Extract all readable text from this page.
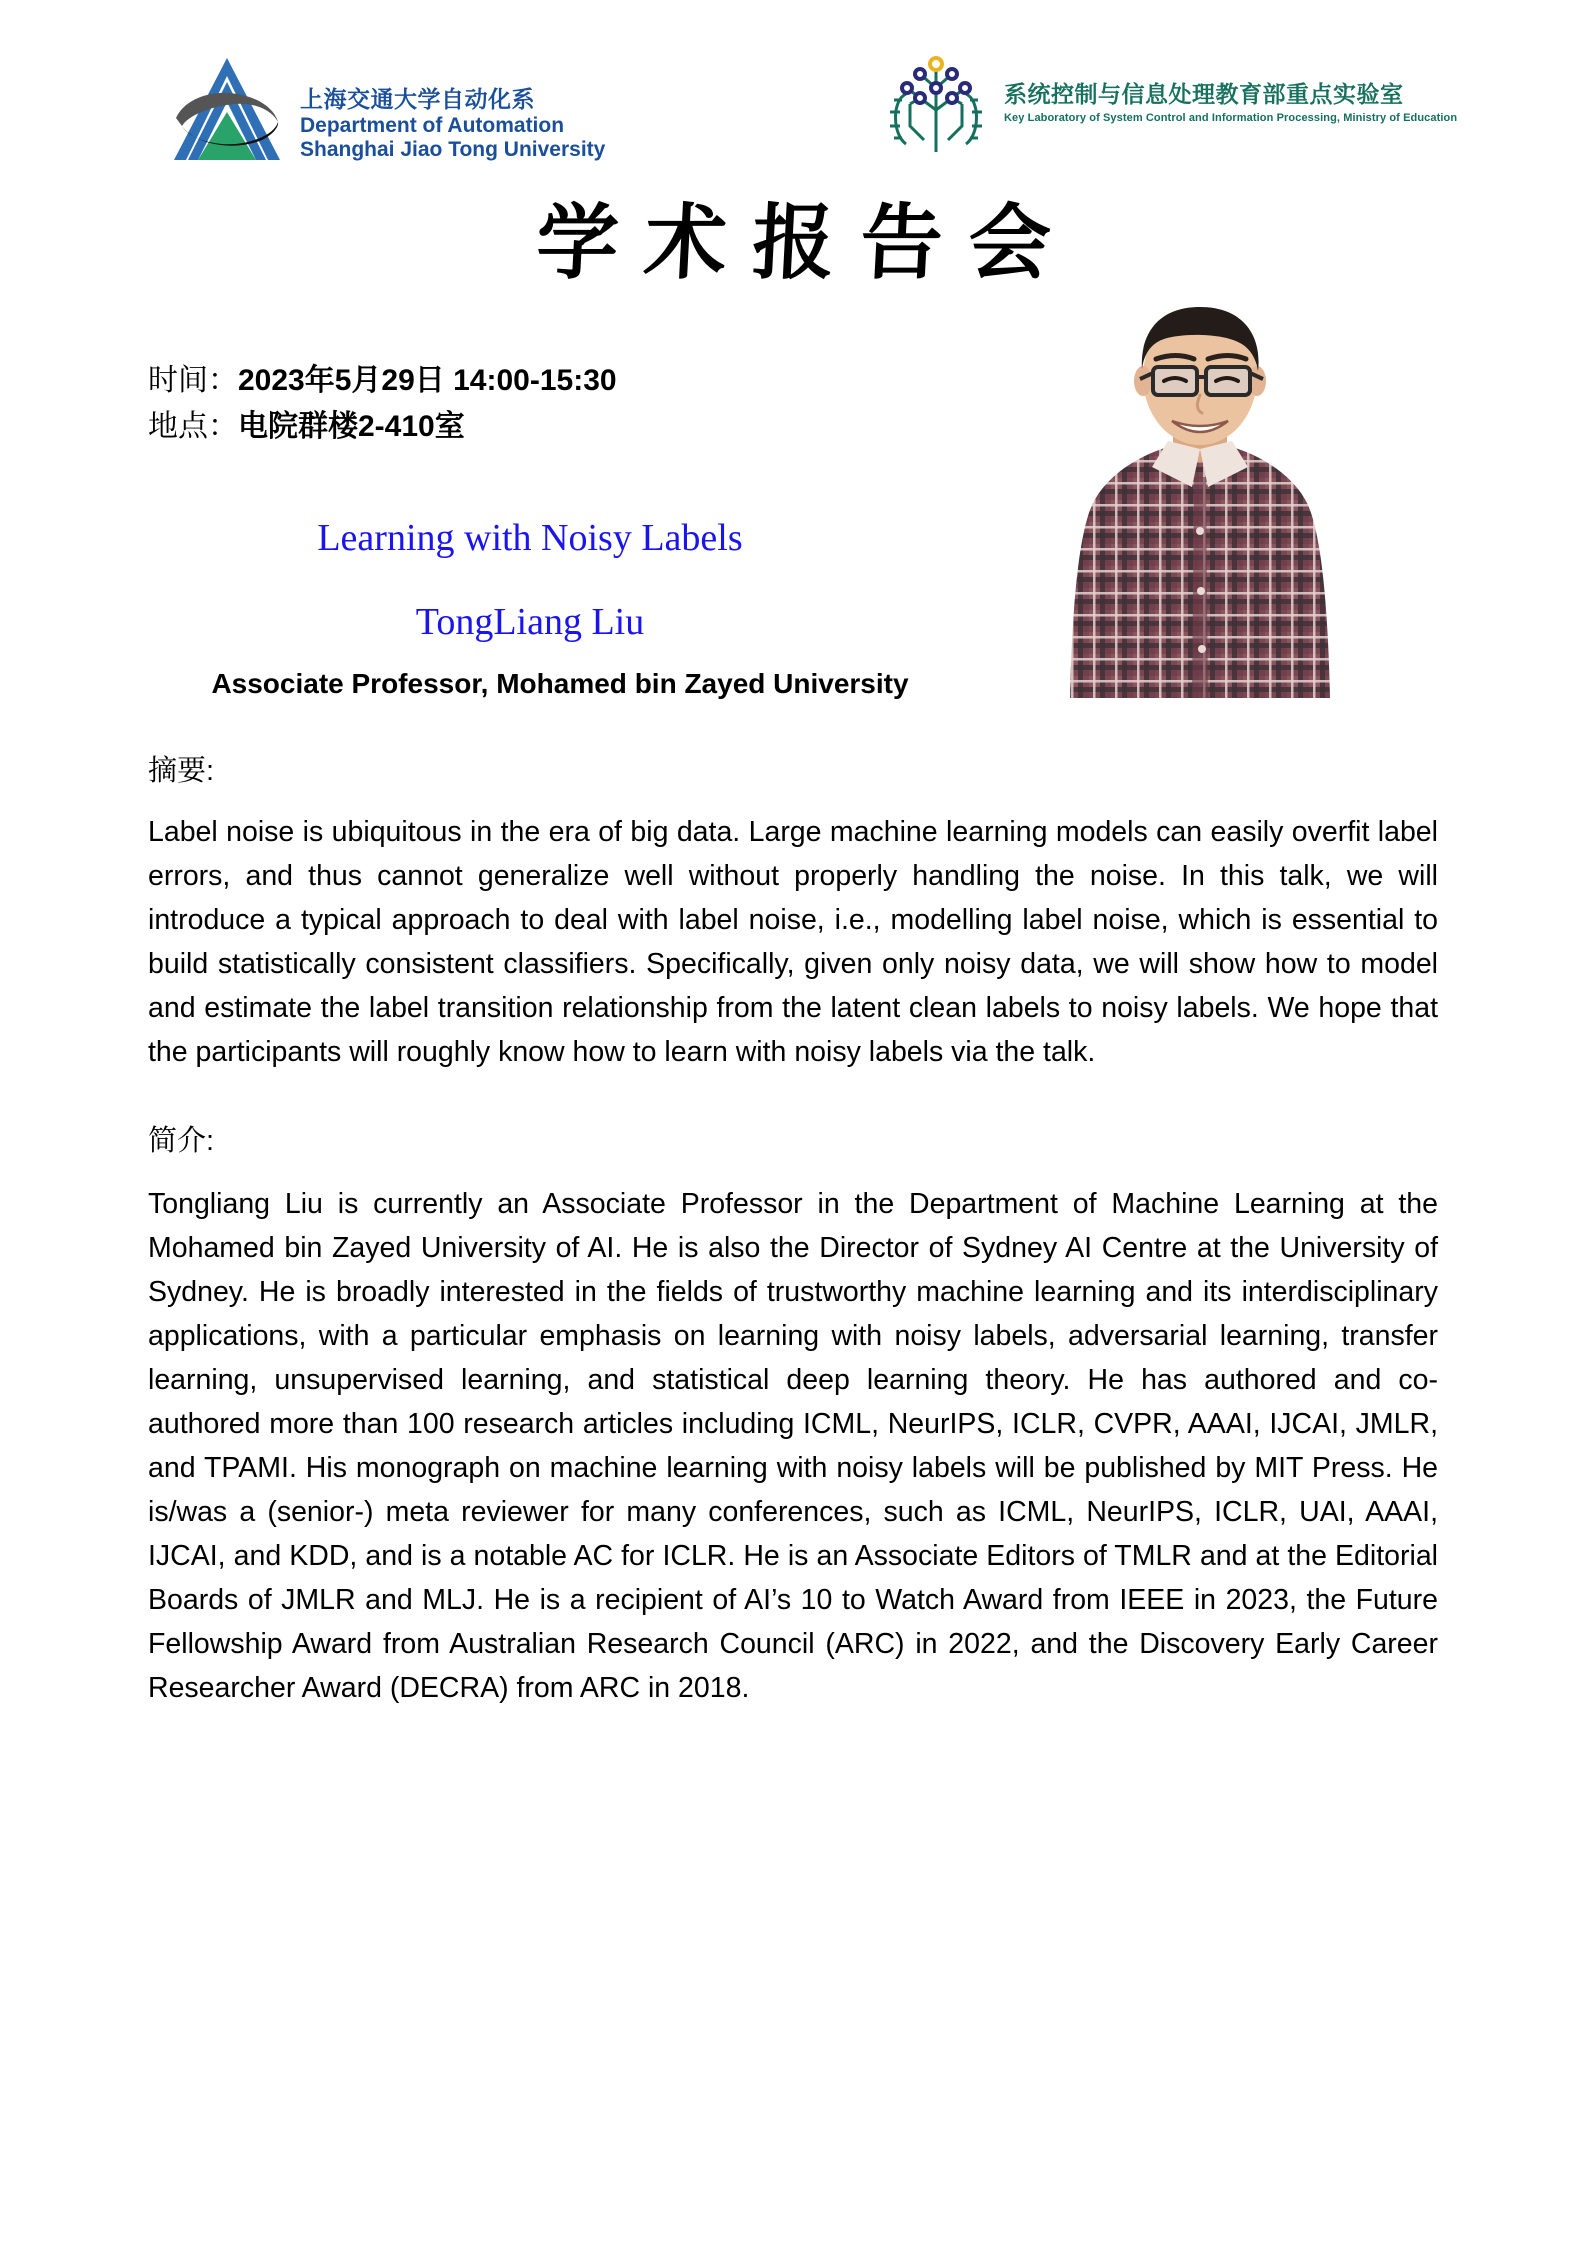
上海交通大学自动化系
Department of Automation
Shanghai Jiao Tong University
系统控制与信息处理教育部重点实验室
Key Laboratory of System Control and Information Processing, Ministry of Education
学术报告会
时间：2023年5月29日 14:00-15:30
地点：电院群楼2-410室
Learning with Noisy Labels
TongLiang Liu
Associate Professor, Mohamed bin Zayed University
摘要:
Label noise is ubiquitous in the era of big data. Large machine learning models can easily overfit label errors, and thus cannot generalize well without properly handling the noise. In this talk, we will introduce a typical approach to deal with label noise, i.e., modelling label noise, which is essential to build statistically consistent classifiers. Specifically, given only noisy data, we will show how to model and estimate the label transition relationship from the latent clean labels to noisy labels. We hope that the participants will roughly know how to learn with noisy labels via the talk.
简介:
Tongliang Liu is currently an Associate Professor in the Department of Machine Learning at the Mohamed bin Zayed University of AI. He is also the Director of Sydney AI Centre at the University of Sydney. He is broadly interested in the fields of trustworthy machine learning and its interdisciplinary applications, with a particular emphasis on learning with noisy labels, adversarial learning, transfer learning, unsupervised learning, and statistical deep learning theory. He has authored and co-authored more than 100 research articles including ICML, NeurIPS, ICLR, CVPR, AAAI, IJCAI, JMLR, and TPAMI. His monograph on machine learning with noisy labels will be published by MIT Press. He is/was a (senior-) meta reviewer for many conferences, such as ICML, NeurIPS, ICLR, UAI, AAAI, IJCAI, and KDD, and is a notable AC for ICLR. He is an Associate Editors of TMLR and at the Editorial Boards of JMLR and MLJ. He is a recipient of AI’s 10 to Watch Award from IEEE in 2023, the Future Fellowship Award from Australian Research Council (ARC) in 2022, and the Discovery Early Career Researcher Award (DECRA) from ARC in 2018.
